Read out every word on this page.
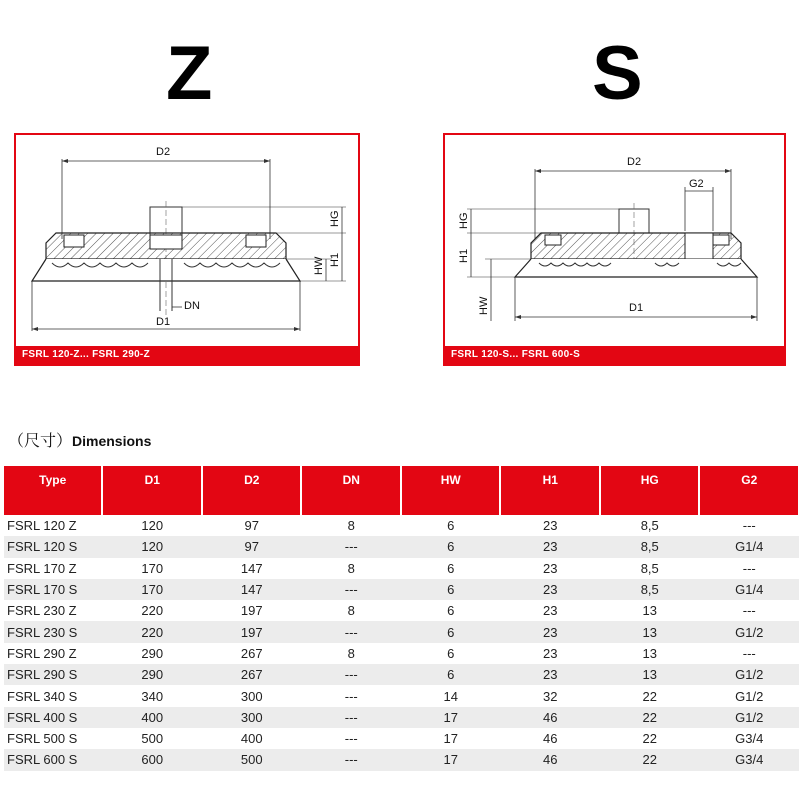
Z	S
D2
D1
DN
HG
H1
HW
FSRL 120-Z... FSRL 290-Z
D2
G2
D1
HG
H1
HW
FSRL 120-S... FSRL 600-S
（尺寸）Dimensions
Type	D1	D2	DN	HW	H1	HG	G2
FSRL 120 Z	120	97	8	6	23	8,5	---
FSRL 120 S	120	97	---	6	23	8,5	G1/4
FSRL 170 Z	170	147	8	6	23	8,5	---
FSRL 170 S	170	147	---	6	23	8,5	G1/4
FSRL 230 Z	220	197	8	6	23	13	---
FSRL 230 S	220	197	---	6	23	13	G1/2
FSRL 290 Z	290	267	8	6	23	13	---
FSRL 290 S	290	267	---	6	23	13	G1/2
FSRL 340 S	340	300	---	14	32	22	G1/2
FSRL 400 S	400	300	---	17	46	22	G1/2
FSRL 500 S	500	400	---	17	46	22	G3/4
FSRL 600 S	600	500	---	17	46	22	G3/4
